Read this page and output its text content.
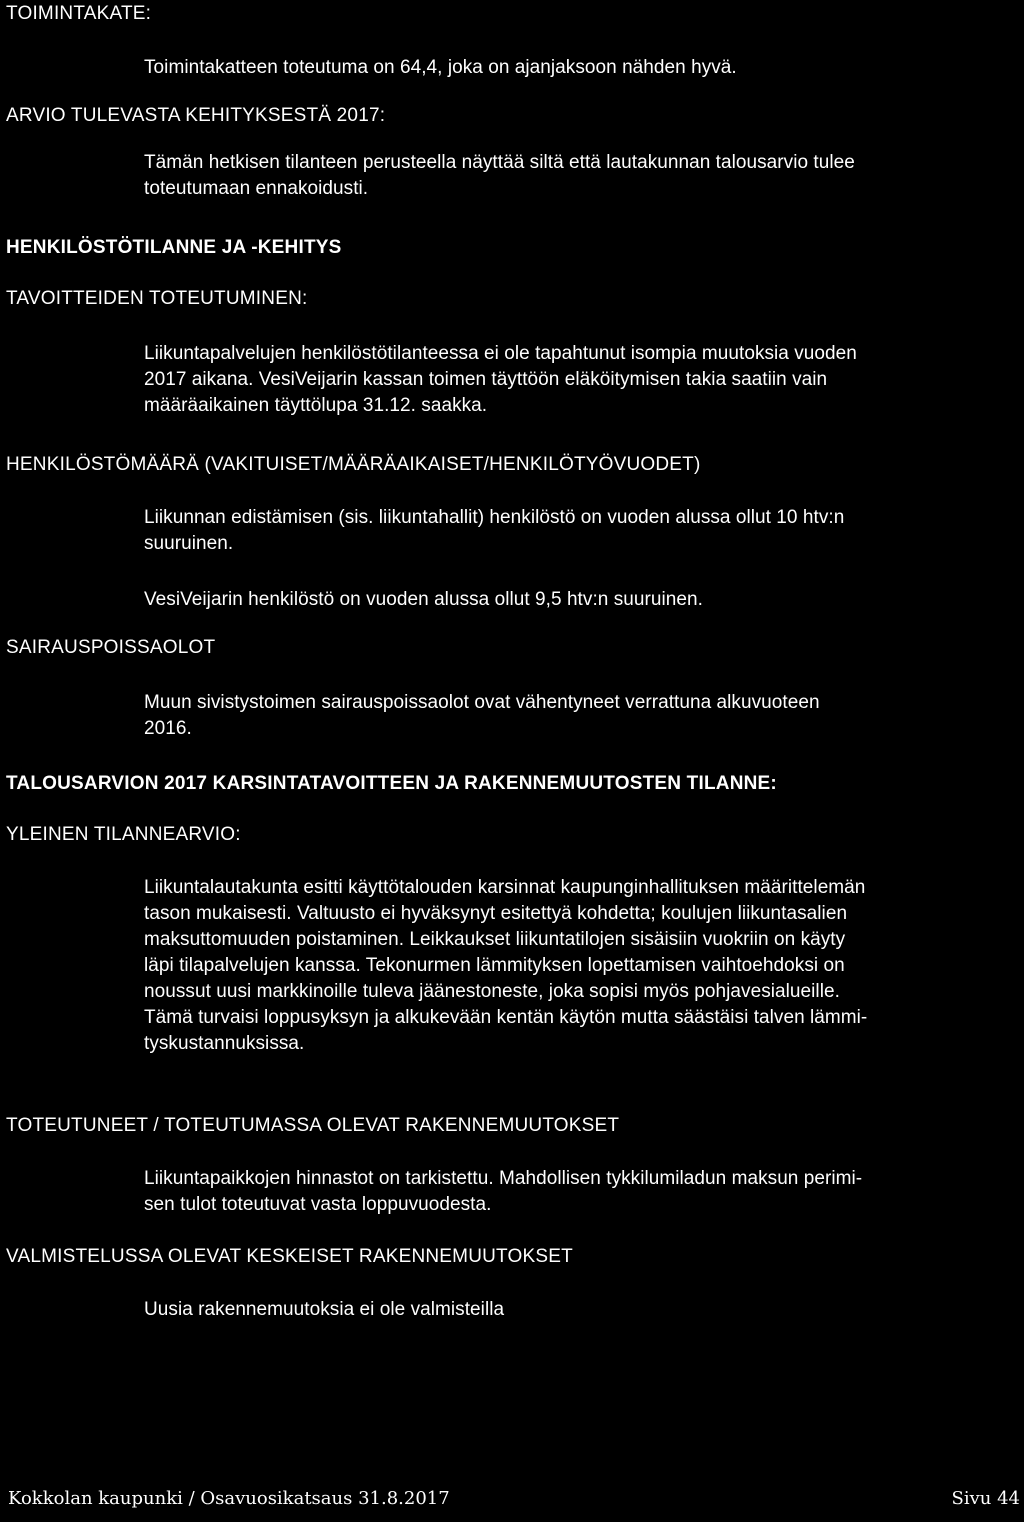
TOIMINTAKATE:
Toimintakatteen toteutuma on 64,4, joka on ajanjaksoon nähden hyvä.
ARVIO TULEVASTA KEHITYKSESTÄ 2017:
Tämän hetkisen tilanteen perusteella näyttää siltä että lautakunnan talousarvio tulee
toteutumaan ennakoidusti.
HENKILÖSTÖTILANNE JA -KEHITYS
TAVOITTEIDEN TOTEUTUMINEN:
Liikuntapalvelujen henkilöstötilanteessa ei ole tapahtunut isompia muutoksia vuoden
2017 aikana. VesiVeijarin kassan toimen täyttöön eläköitymisen takia saatiin vain
määräaikainen täyttölupa 31.12. saakka.
HENKILÖSTÖMÄÄRÄ (VAKITUISET/MÄÄRÄAIKAISET/HENKILÖTYÖVUODET)
Liikunnan edistämisen (sis. liikuntahallit) henkilöstö on vuoden alussa ollut 10 htv:n
suuruinen.
VesiVeijarin henkilöstö on vuoden alussa ollut 9,5 htv:n suuruinen.
SAIRAUSPOISSAOLOT
Muun sivistystoimen sairauspoissaolot ovat vähentyneet verrattuna alkuvuoteen
2016.
TALOUSARVION 2017 KARSINTATAVOITTEEN JA RAKENNEMUUTOSTEN TILANNE:
YLEINEN TILANNEARVIO:
Liikuntalautakunta esitti käyttötalouden karsinnat kaupunginhallituksen määrittelemän
tason mukaisesti. Valtuusto ei hyväksynyt esitettyä kohdetta; koulujen liikuntasalien
maksuttomuuden poistaminen. Leikkaukset liikuntatilojen sisäisiin vuokriin on käyty
läpi tilapalvelujen kanssa. Tekonurmen lämmityksen lopettamisen vaihtoehdoksi on
noussut uusi markkinoille tuleva jäänestoneste, joka sopisi myös pohjavesialueille.
Tämä turvaisi loppusyksyn ja alkukevään kentän käytön mutta säästäisi talven lämmi-
tyskustannuksissa.
TOTEUTUNEET / TOTEUTUMASSA OLEVAT RAKENNEMUUTOKSET
Liikuntapaikkojen hinnastot on tarkistettu. Mahdollisen tykkilumiladun maksun perimi-
sen tulot toteutuvat vasta loppuvuodesta.
VALMISTELUSSA OLEVAT KESKEISET RAKENNEMUUTOKSET
Uusia rakennemuutoksia ei ole valmisteilla
Kokkolan kaupunki / Osavuosikatsaus 31.8.2017	Sivu 44
